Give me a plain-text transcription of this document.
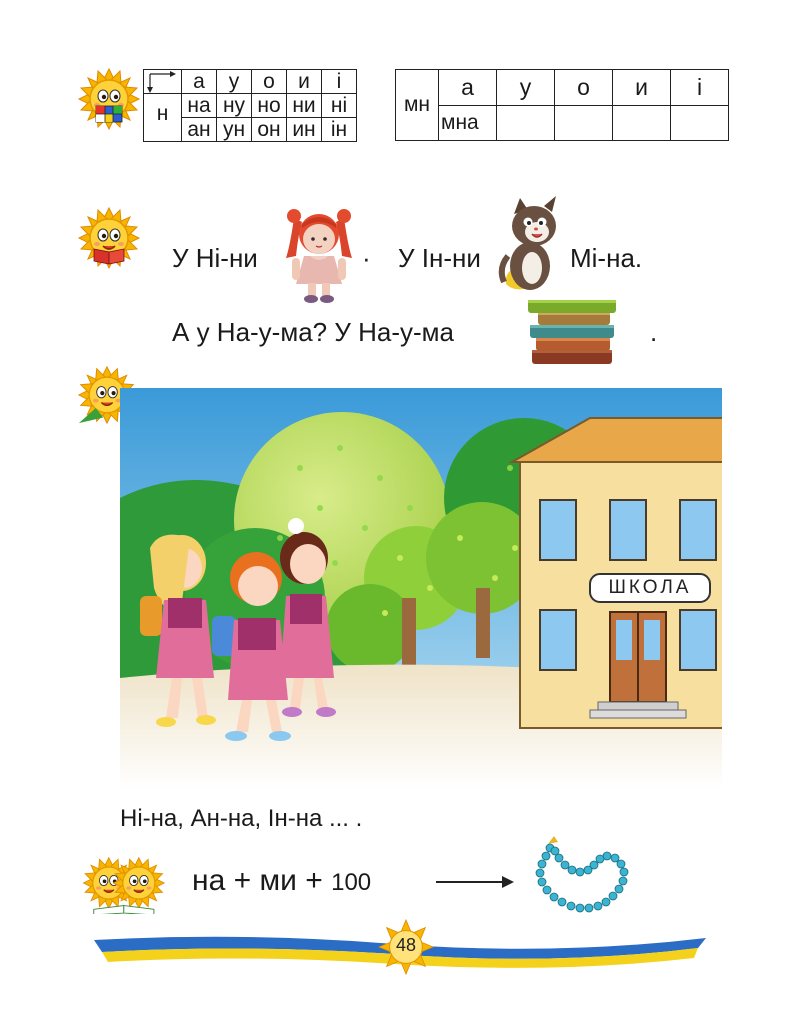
	а	у	о	и	і
н	на	ну	но	ни	ні
	ан	ун	он	ин	ін
мн	а	у	о	и	і
	мна				
У Ні-ни	· У Ін-ни	Мі-на.
А у На-у-ма? У На-у-ма	.
ШКОЛА
Ні-на, Ан-на, Ін-на ... .
на + ми + 100
48
